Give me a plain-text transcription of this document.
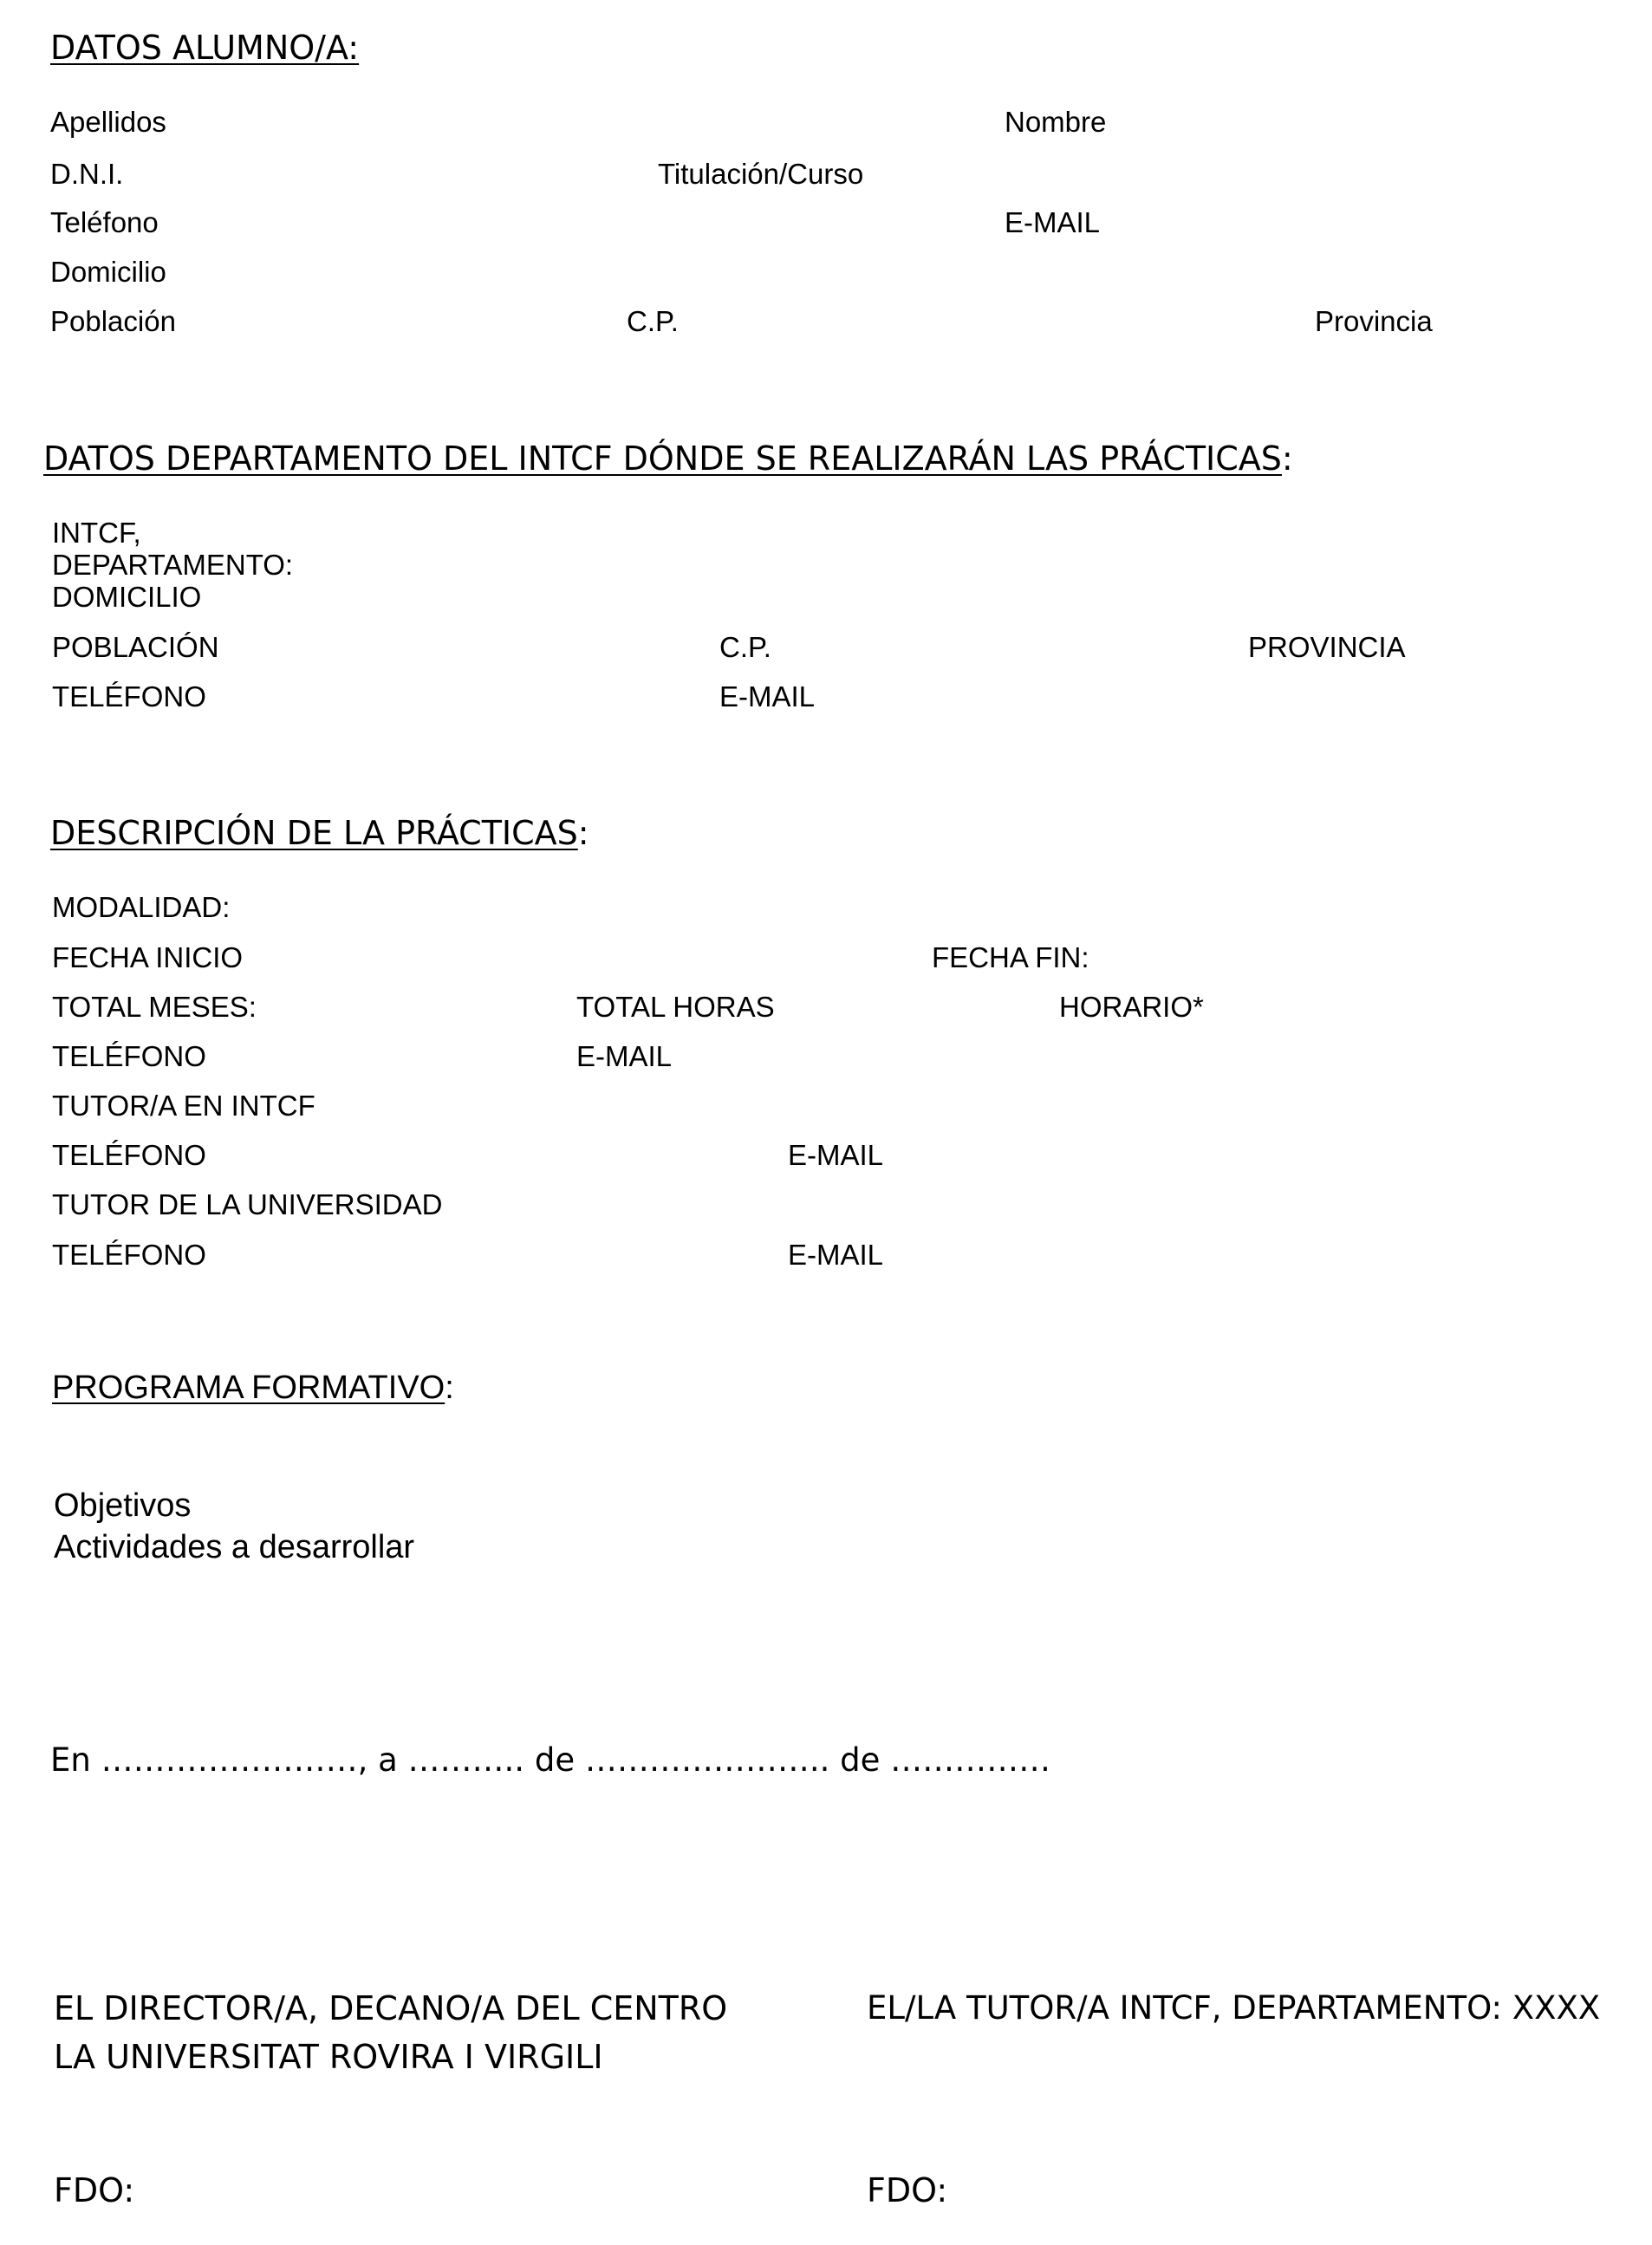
DATOS ALUMNO/A:
Apellidos	Nombre
D.N.I.	Titulación/Curso
Teléfono	E-MAIL
Domicilio
Población	C.P.	Provincia
DATOS DEPARTAMENTO DEL INTCF DÓNDE SE REALIZARÁN LAS PRÁCTICAS:
INTCF,
DEPARTAMENTO:
DOMICILIO
POBLACIÓN	C.P.	PROVINCIA
TELÉFONO	E-MAIL
DESCRIPCIÓN DE LA PRÁCTICAS:
MODALIDAD:
FECHA INICIO	FECHA FIN:
TOTAL MESES:	TOTAL HORAS	HORARIO*
TELÉFONO	E-MAIL
TUTOR/A EN INTCF
TELÉFONO	E-MAIL
TUTOR DE LA UNIVERSIDAD
TELÉFONO	E-MAIL
PROGRAMA FORMATIVO:
Objetivos
Actividades a desarrollar
En ……………………, a ……….. de ………………….. de ……………
EL DIRECTOR/A, DECANO/A DEL CENTRO
LA UNIVERSITAT ROVIRA I VIRGILI
EL/LA TUTOR/A INTCF, DEPARTAMENTO: XXXX
FDO:	FDO:
